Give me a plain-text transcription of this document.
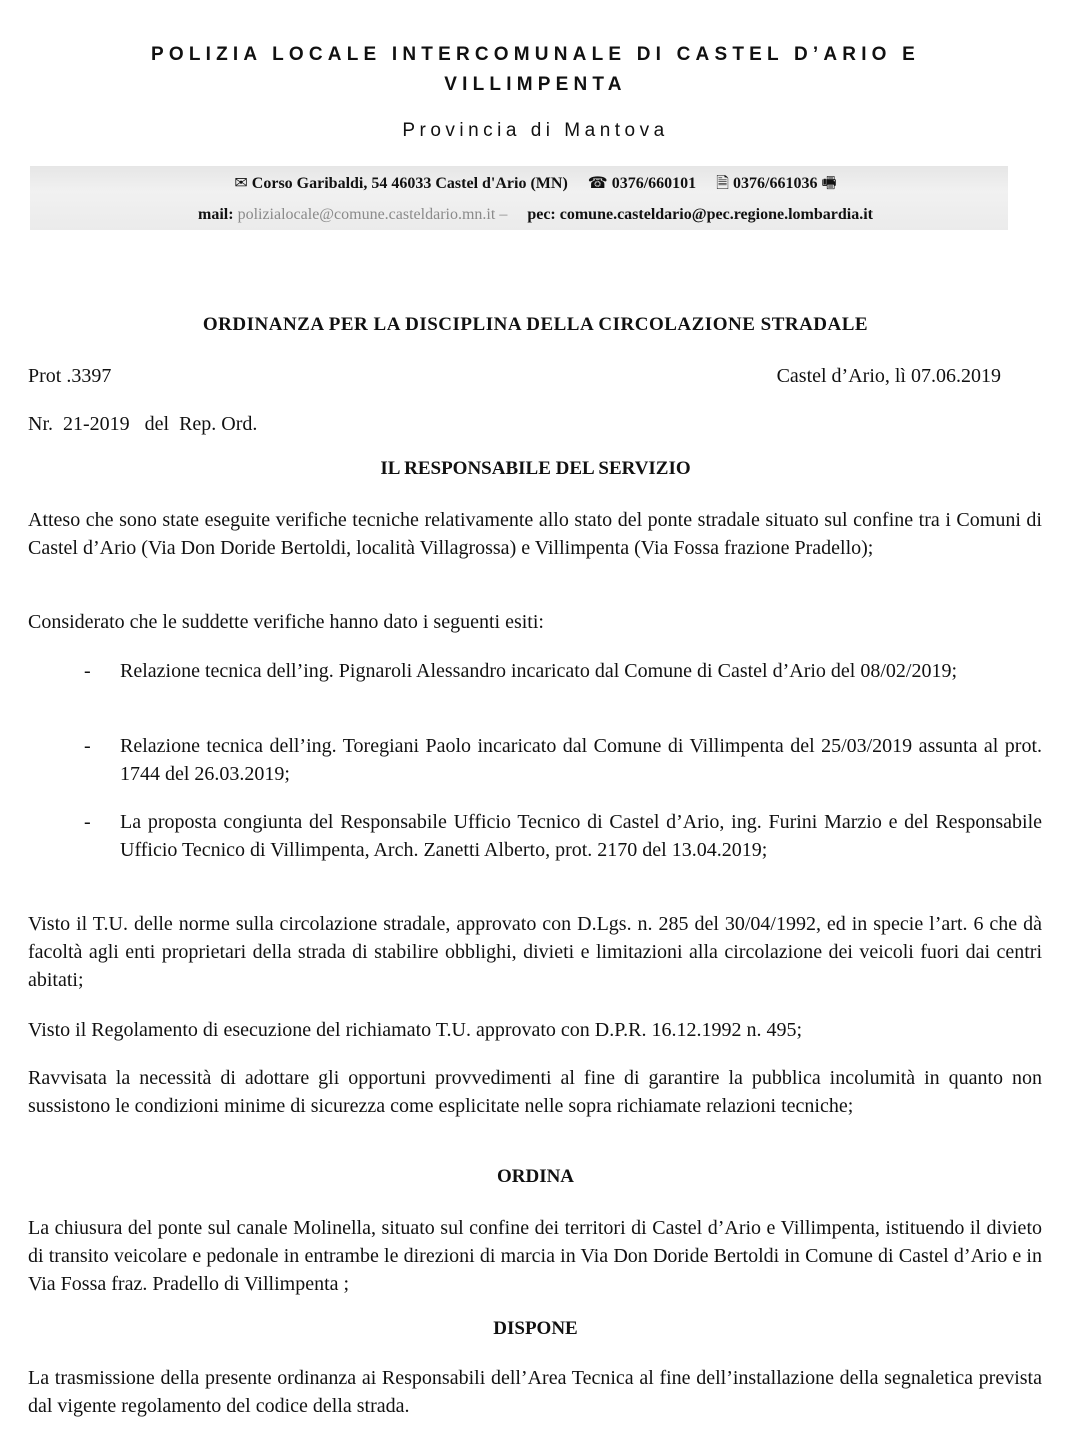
POLIZIA LOCALE INTERCOMUNALE DI CASTEL D’ARIO E VILLIMPENTA
Provincia di Mantova
✉ Corso Garibaldi, 54 46033 Castel d'Ario (MN) ☎ 0376/660101 🗎 0376/661036 🖷
mail: polizialocale@comune.casteldario.mn.it – pec: comune.casteldario@pec.regione.lombardia.it
ORDINANZA PER LA DISCIPLINA DELLA CIRCOLAZIONE STRADALE
Prot .3397	Castel d’Ario, lì 07.06.2019
Nr.  21-2019   del  Rep. Ord.
IL RESPONSABILE DEL SERVIZIO

Atteso che sono state eseguite verifiche tecniche relativamente allo stato del ponte stradale situato sul confine tra i Comuni di Castel d’Ario (Via Don Doride Bertoldi, località Villagrossa) e Villimpenta (Via Fossa frazione Pradello);

Considerato che le suddette verifiche hanno dato i seguenti esiti:

-	Relazione tecnica dell’ing. Pignaroli Alessandro incaricato dal Comune di Castel d’Ario del 08/02/2019;

-	Relazione tecnica dell’ing. Toregiani Paolo incaricato dal Comune di Villimpenta del 25/03/2019 assunta al prot. 1744 del 26.03.2019;

-	La proposta congiunta del Responsabile Ufficio Tecnico di Castel d’Ario, ing. Furini Marzio e del Responsabile Ufficio Tecnico di Villimpenta, Arch. Zanetti Alberto, prot. 2170 del 13.04.2019;

Visto il T.U. delle norme sulla circolazione stradale, approvato con D.Lgs. n. 285 del 30/04/1992, ed in specie l’art. 6 che dà facoltà agli enti proprietari della strada di stabilire obblighi, divieti e limitazioni alla circolazione dei veicoli fuori dai centri abitati;

Visto il Regolamento di esecuzione del richiamato T.U. approvato con D.P.R. 16.12.1992 n. 495;

Ravvisata la necessità di adottare gli opportuni provvedimenti al fine di garantire la pubblica incolumità in quanto non sussistono le condizioni minime di sicurezza come esplicitate nelle sopra richiamate relazioni tecniche;

ORDINA

La chiusura del ponte sul canale Molinella, situato sul confine dei territori di Castel d’Ario e Villimpenta, istituendo il divieto di transito veicolare e pedonale in entrambe le direzioni di marcia in Via Don Doride Bertoldi in Comune di Castel d’Ario e in Via Fossa fraz. Pradello di Villimpenta ;

DISPONE

La trasmissione della presente ordinanza ai Responsabili dell’Area Tecnica al fine dell’installazione della segnaletica prevista dal vigente regolamento del codice della strada.
